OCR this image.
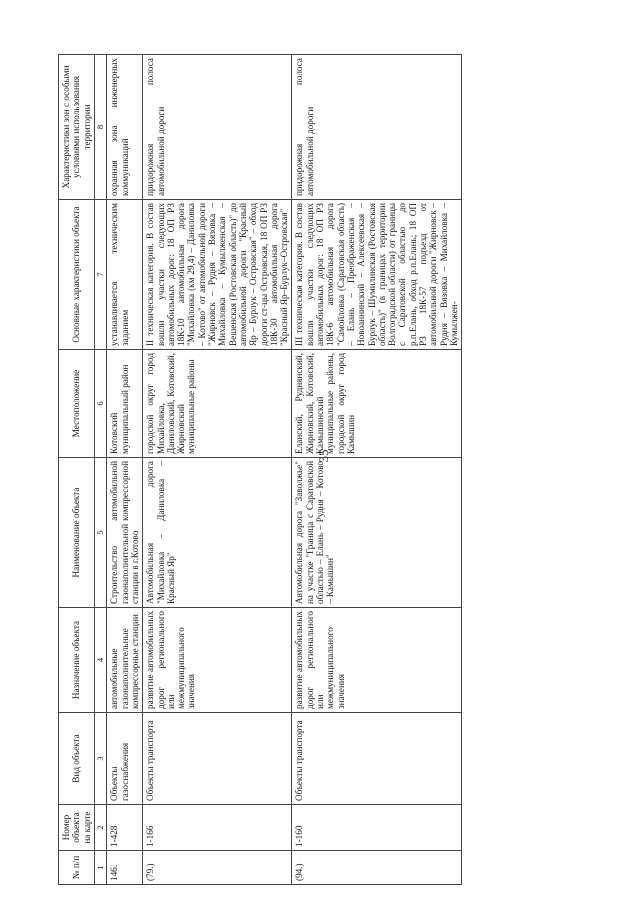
35
№ п/п	Номер объекта на карте	Вид объекта	Назначение объекта	Наименование объекта	Местоположение	Основные характеристики объекта	Характеристики зон с особыми условиями использования территории
1	2	3	4	5	6	7	8
146.	1-428	Объекты газоснабжения	автомобильные газонаполнительные компрессорные станции	Строительство автомобильной газонаполнительной компрессорной станции в г.Котово	Котовский муниципальный район	устанавливается техническим заданием	охранная зона инженерных коммуникаций
(79.)	1-166	Объекты транспорта	развитие автомобильных дорог регионального или межмуниципального значения	Автомобильная дорога "Михайловка – Даниловка – Красный Яр"	городской округ город Михайловка, Даниловский, Котовский, Жирновский муниципальные районы	II техническая категория. В состав вошли участки следующих автомобильных дорог: 18 ОП РЗ 18К-10 автомобильная дорога "Михайловка (км 29,4) – Даниловка – Котово" от автомобильной дороги "Жирновск – Рудня – Вязовка – Михайловка – Кумылженская – Вешенская (Ростовская область)" до автомобильной дороги "Красный Яр – Бурлук – Островская" – обход дороги ст-цы Островская, 18 ОП РЗ 18К-30 автомобильная дорога "Красный Яр–Бурлук–Островская"	придорожная полоса автомобильной дороги
(94.)	1-160	Объекты транспорта	развитие автомобильных дорог регионального или межмуниципального значения	Автомобильная дорога "Заволжье" на участке "Граница с Саратовской областью – Елань – Рудня – Котово – Камышин"	Еланский, Руднянский, Жирновский, Котовский, Камышинский муниципальные районы, городской округ город Камышин	III техническая категория. В состав вошли участки следующих автомобильных дорог: 18 ОП РЗ 18К-6 автомобильная дорога "Самойловка (Саратовская область) – Елань – Преображенская – Новоаннинский – Алексеевская – Бурлук – Шумилинская (Ростовская область)" (в границах территории Волгоградской области) от границы с Саратовской областью до р.п.Елань, обход р.п.Елань; 18 ОП РЗ 18К-57 подъезд от автомобильной дороги "Жирновск – Рудня – Вязовка – Михайловка – Кумылжен-	придорожная полоса автомобильной дороги
